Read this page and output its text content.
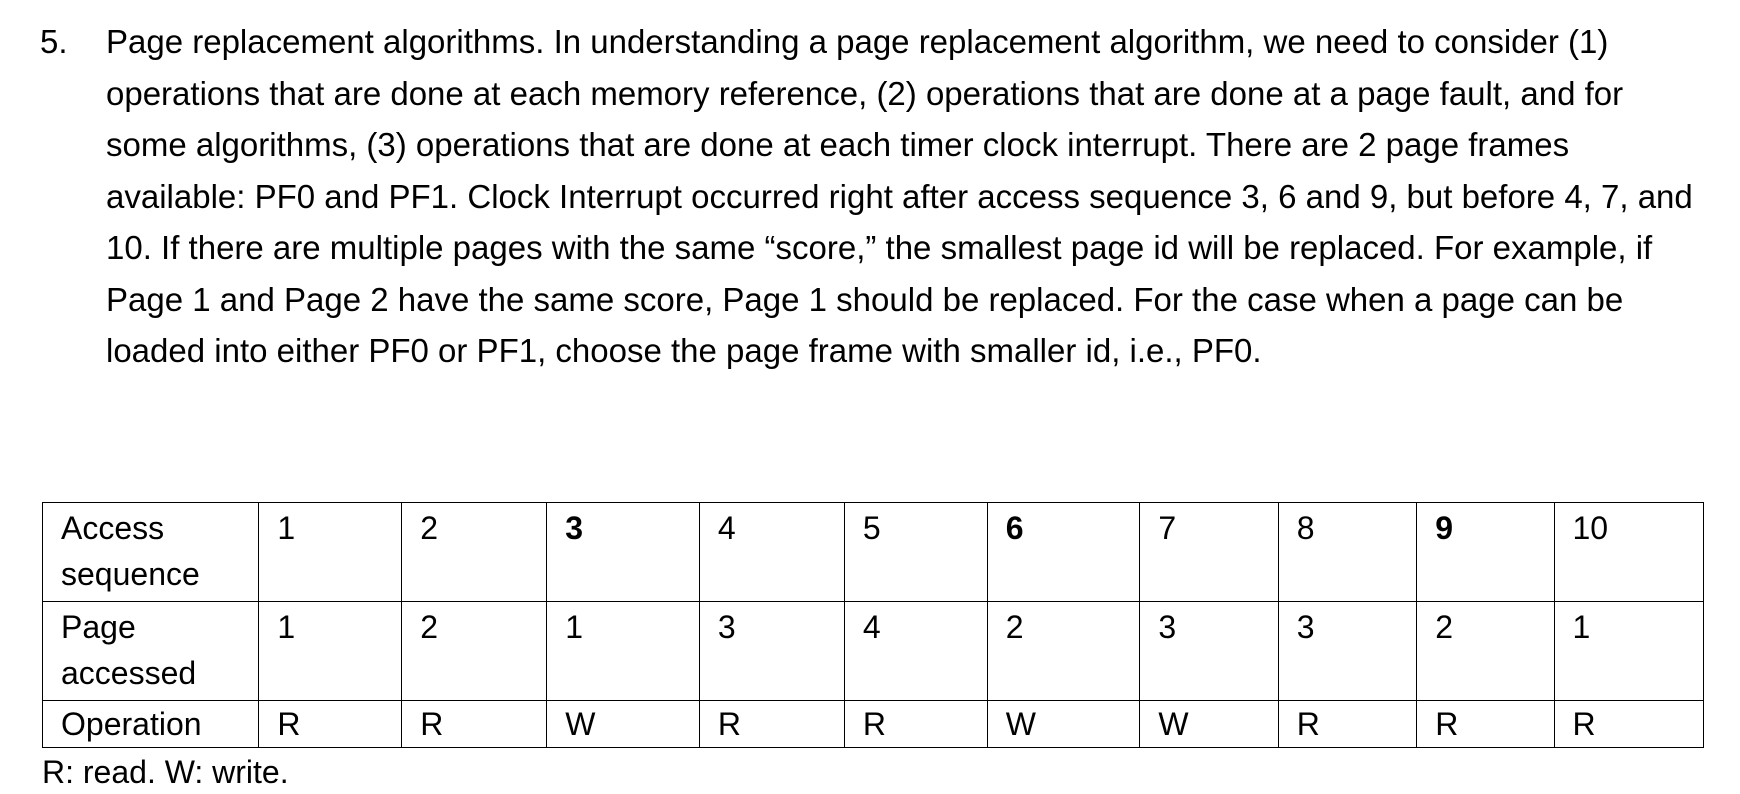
5.	Page replacement algorithms. In understanding a page replacement algorithm, we need to consider (1) operations that are done at each memory reference, (2) operations that are done at a page fault, and for some algorithms, (3) operations that are done at each timer clock interrupt. There are 2 page frames available: PF0 and PF1. Clock Interrupt occurred right after access sequence 3, 6 and 9, but before 4, 7, and 10. If there are multiple pages with the same “score,” the smallest page id will be replaced. For example, if Page 1 and Page 2 have the same score, Page 1 should be replaced. For the case when a page can be loaded into either PF0 or PF1, choose the page frame with smaller id, i.e., PF0.
Access sequence	1	2	3	4	5	6	7	8	9	10
Page accessed	1	2	1	3	4	2	3	3	2	1
Operation	R	R	W	R	R	W	W	R	R	R
R: read. W: write.
